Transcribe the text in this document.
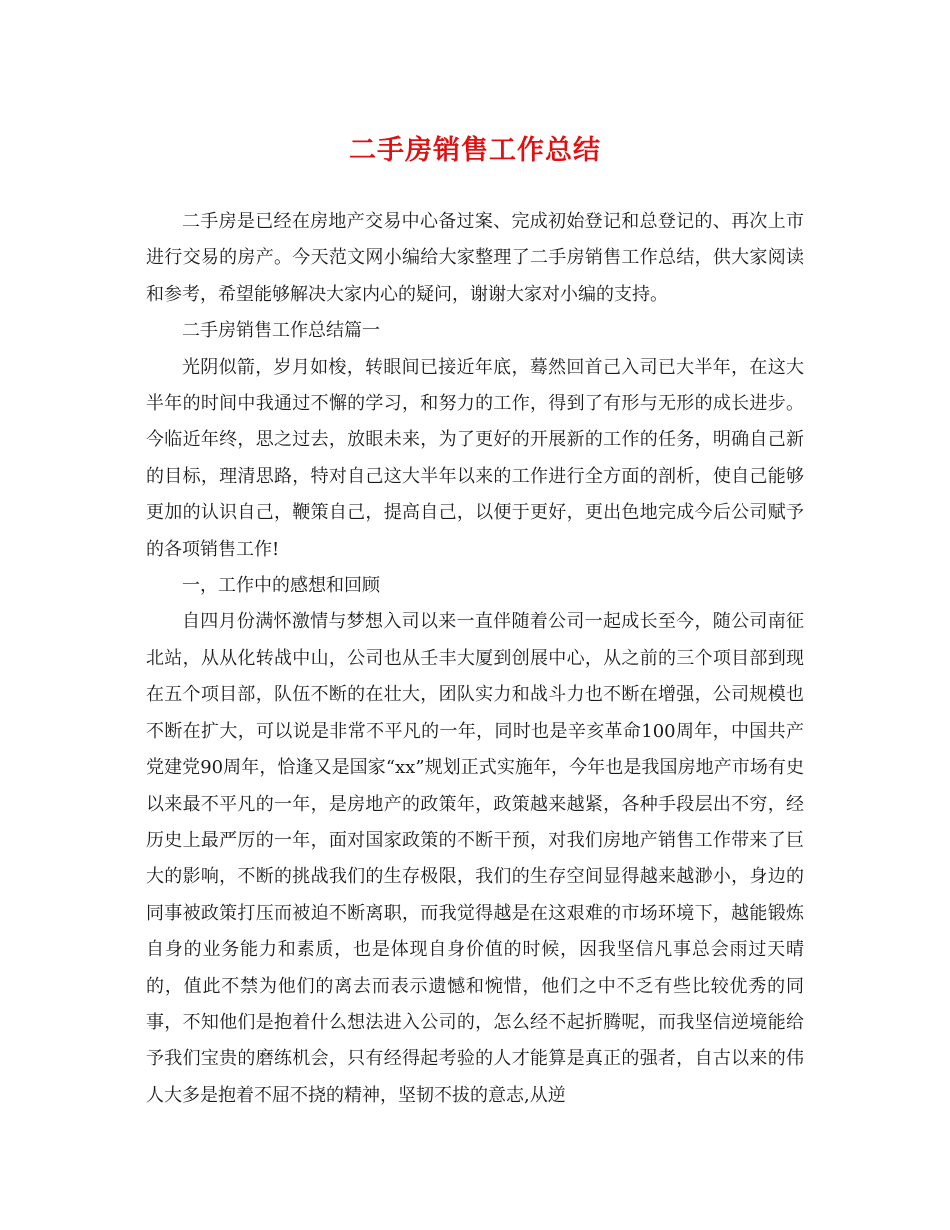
二手房销售工作总结

二手房是已经在房地产交易中心备过案、完成初始登记和总登记的、再次上市进行交易的房产。今天范文网小编给大家整理了二手房销售工作总结，供大家阅读和参考，希望能够解决大家内心的疑问，谢谢大家对小编的支持。

二手房销售工作总结篇一

光阴似箭，岁月如梭，转眼间已接近年底，蓦然回首己入司已大半年，在这大半年的时间中我通过不懈的学习，和努力的工作，得到了有形与无形的成长进步。今临近年终，思之过去，放眼未来，为了更好的开展新的工作的任务，明确自己新的目标，理清思路，特对自己这大半年以来的工作进行全方面的剖析，使自己能够更加的认识自己，鞭策自己，提高自己，以便于更好，更出色地完成今后公司赋予的各项销售工作!

一，工作中的感想和回顾

自四月份满怀激情与梦想入司以来一直伴随着公司一起成长至今，随公司南征北站，从从化转战中山，公司也从壬丰大厦到创展中心，从之前的三个项目部到现在五个项目部，队伍不断的在壮大，团队实力和战斗力也不断在增强，公司规模也不断在扩大，可以说是非常不平凡的一年，同时也是辛亥革命100周年，中国共产党建党90周年，恰逢又是国家“xx”规划正式实施年，今年也是我国房地产市场有史以来最不平凡的一年，是房地产的政策年，政策越来越紧，各种手段层出不穷，经历史上最严厉的一年，面对国家政策的不断干预，对我们房地产销售工作带来了巨大的影响，不断的挑战我们的生存极限，我们的生存空间显得越来越渺小，身边的同事被政策打压而被迫不断离职，而我觉得越是在这艰难的市场环境下，越能锻炼自身的业务能力和素质，也是体现自身价值的时候，因我坚信凡事总会雨过天晴的，值此不禁为他们的离去而表示遗憾和惋惜，他们之中不乏有些比较优秀的同事，不知他们是抱着什么想法进入公司的，怎么经不起折腾呢，而我坚信逆境能给予我们宝贵的磨练机会，只有经得起考验的人才能算是真正的强者，自古以来的伟人大多是抱着不屈不挠的精神，坚韧不拔的意志,从逆
